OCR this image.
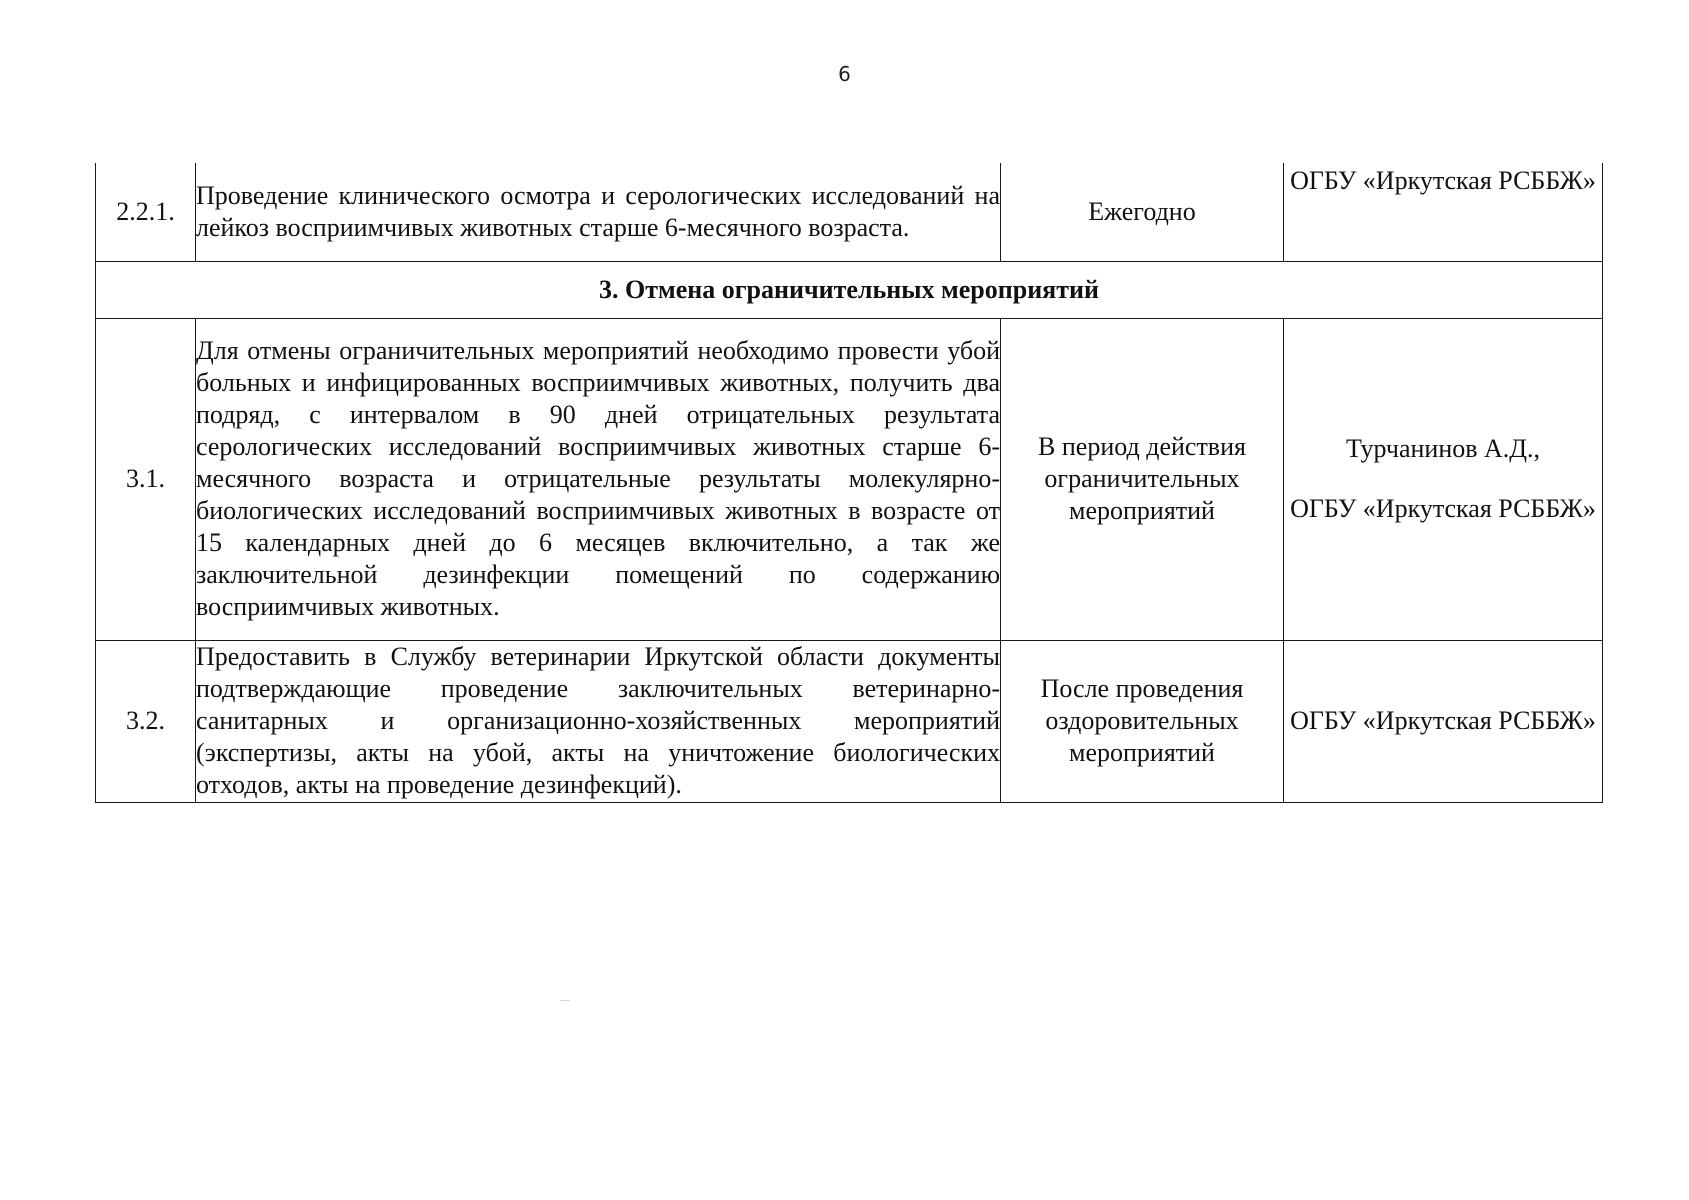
6
2.2.1.	Проведение клинического осмотра и серологических исследований на лейкоз восприимчивых животных старше 6-месячного возраста.	Ежегодно	ОГБУ «Иркутская РСББЖ»

3. Отмена ограничительных мероприятий			
3.1.	Для отмены ограничительных мероприятий необходимо провести убой больных и инфицированных восприимчивых животных, получить два подряд, с интервалом в 90 дней отрицательных результата серологических исследований восприимчивых животных старше 6-месячного возраста и отрицательные результаты молекулярно-биологических исследований восприимчивых животных в возрасте от 15 календарных дней до 6 месяцев включительно, а так же заключительной дезинфекции помещений по содержанию восприимчивых животных.	В период действия ограничительных мероприятий	Турчанинов А.Д.,
ОГБУ «Иркутская РСББЖ»

3.2.	Предоставить в Службу ветеринарии Иркутской области документы подтверждающие проведение заключительных ветеринарно-санитарных и организационно-хозяйственных мероприятий (экспертизы, акты на убой, акты на уничтожение биологических отходов, акты на проведение дезинфекций).	После проведения оздоровительных мероприятий	ОГБУ «Иркутская РСББЖ»
